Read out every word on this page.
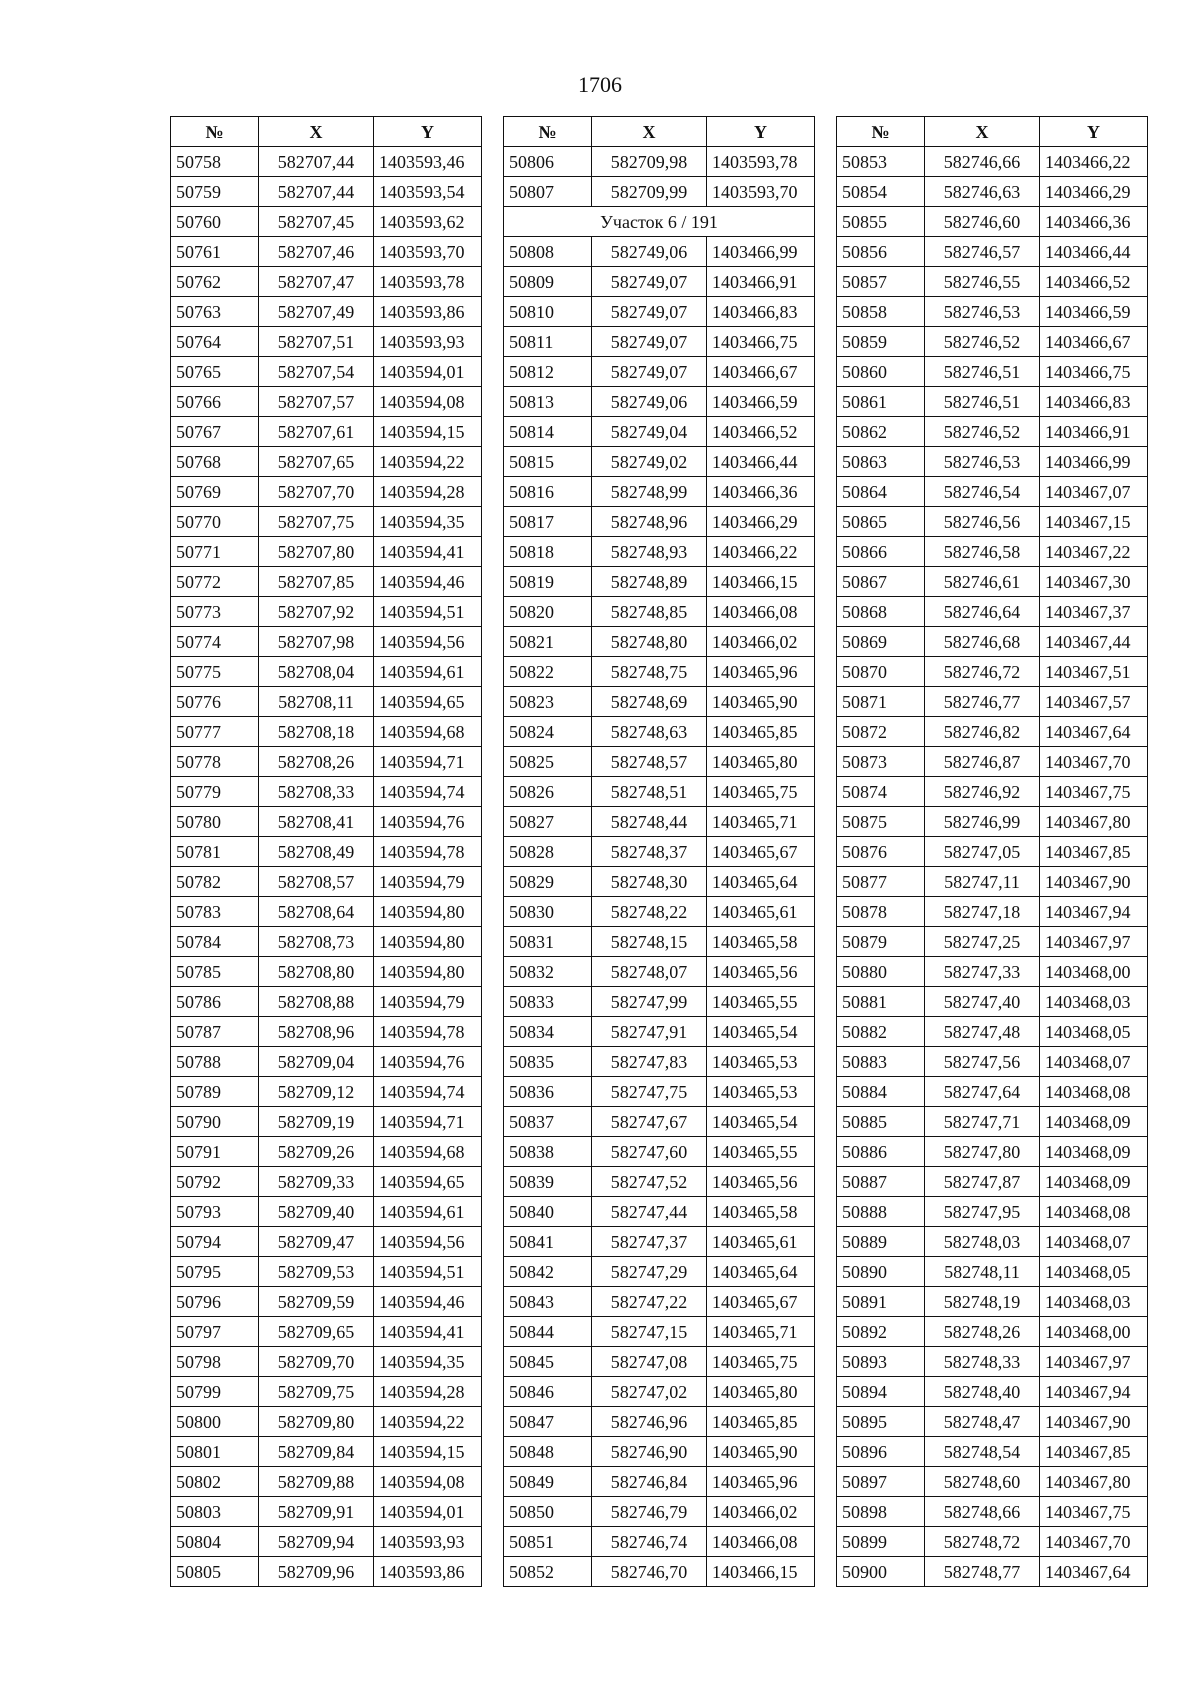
1706
№	X	Y
50758	582707,44	1403593,46
50759	582707,44	1403593,54
50760	582707,45	1403593,62
50761	582707,46	1403593,70
50762	582707,47	1403593,78
50763	582707,49	1403593,86
50764	582707,51	1403593,93
50765	582707,54	1403594,01
50766	582707,57	1403594,08
50767	582707,61	1403594,15
50768	582707,65	1403594,22
50769	582707,70	1403594,28
50770	582707,75	1403594,35
50771	582707,80	1403594,41
50772	582707,85	1403594,46
50773	582707,92	1403594,51
50774	582707,98	1403594,56
50775	582708,04	1403594,61
50776	582708,11	1403594,65
50777	582708,18	1403594,68
50778	582708,26	1403594,71
50779	582708,33	1403594,74
50780	582708,41	1403594,76
50781	582708,49	1403594,78
50782	582708,57	1403594,79
50783	582708,64	1403594,80
50784	582708,73	1403594,80
50785	582708,80	1403594,80
50786	582708,88	1403594,79
50787	582708,96	1403594,78
50788	582709,04	1403594,76
50789	582709,12	1403594,74
50790	582709,19	1403594,71
50791	582709,26	1403594,68
50792	582709,33	1403594,65
50793	582709,40	1403594,61
50794	582709,47	1403594,56
50795	582709,53	1403594,51
50796	582709,59	1403594,46
50797	582709,65	1403594,41
50798	582709,70	1403594,35
50799	582709,75	1403594,28
50800	582709,80	1403594,22
50801	582709,84	1403594,15
50802	582709,88	1403594,08
50803	582709,91	1403594,01
50804	582709,94	1403593,93
50805	582709,96	1403593,86
№	X	Y
50806	582709,98	1403593,78
50807	582709,99	1403593,70
Участок 6 / 191		
50808	582749,06	1403466,99
50809	582749,07	1403466,91
50810	582749,07	1403466,83
50811	582749,07	1403466,75
50812	582749,07	1403466,67
50813	582749,06	1403466,59
50814	582749,04	1403466,52
50815	582749,02	1403466,44
50816	582748,99	1403466,36
50817	582748,96	1403466,29
50818	582748,93	1403466,22
50819	582748,89	1403466,15
50820	582748,85	1403466,08
50821	582748,80	1403466,02
50822	582748,75	1403465,96
50823	582748,69	1403465,90
50824	582748,63	1403465,85
50825	582748,57	1403465,80
50826	582748,51	1403465,75
50827	582748,44	1403465,71
50828	582748,37	1403465,67
50829	582748,30	1403465,64
50830	582748,22	1403465,61
50831	582748,15	1403465,58
50832	582748,07	1403465,56
50833	582747,99	1403465,55
50834	582747,91	1403465,54
50835	582747,83	1403465,53
50836	582747,75	1403465,53
50837	582747,67	1403465,54
50838	582747,60	1403465,55
50839	582747,52	1403465,56
50840	582747,44	1403465,58
50841	582747,37	1403465,61
50842	582747,29	1403465,64
50843	582747,22	1403465,67
50844	582747,15	1403465,71
50845	582747,08	1403465,75
50846	582747,02	1403465,80
50847	582746,96	1403465,85
50848	582746,90	1403465,90
50849	582746,84	1403465,96
50850	582746,79	1403466,02
50851	582746,74	1403466,08
50852	582746,70	1403466,15
№	X	Y
50853	582746,66	1403466,22
50854	582746,63	1403466,29
50855	582746,60	1403466,36
50856	582746,57	1403466,44
50857	582746,55	1403466,52
50858	582746,53	1403466,59
50859	582746,52	1403466,67
50860	582746,51	1403466,75
50861	582746,51	1403466,83
50862	582746,52	1403466,91
50863	582746,53	1403466,99
50864	582746,54	1403467,07
50865	582746,56	1403467,15
50866	582746,58	1403467,22
50867	582746,61	1403467,30
50868	582746,64	1403467,37
50869	582746,68	1403467,44
50870	582746,72	1403467,51
50871	582746,77	1403467,57
50872	582746,82	1403467,64
50873	582746,87	1403467,70
50874	582746,92	1403467,75
50875	582746,99	1403467,80
50876	582747,05	1403467,85
50877	582747,11	1403467,90
50878	582747,18	1403467,94
50879	582747,25	1403467,97
50880	582747,33	1403468,00
50881	582747,40	1403468,03
50882	582747,48	1403468,05
50883	582747,56	1403468,07
50884	582747,64	1403468,08
50885	582747,71	1403468,09
50886	582747,80	1403468,09
50887	582747,87	1403468,09
50888	582747,95	1403468,08
50889	582748,03	1403468,07
50890	582748,11	1403468,05
50891	582748,19	1403468,03
50892	582748,26	1403468,00
50893	582748,33	1403467,97
50894	582748,40	1403467,94
50895	582748,47	1403467,90
50896	582748,54	1403467,85
50897	582748,60	1403467,80
50898	582748,66	1403467,75
50899	582748,72	1403467,70
50900	582748,77	1403467,64
